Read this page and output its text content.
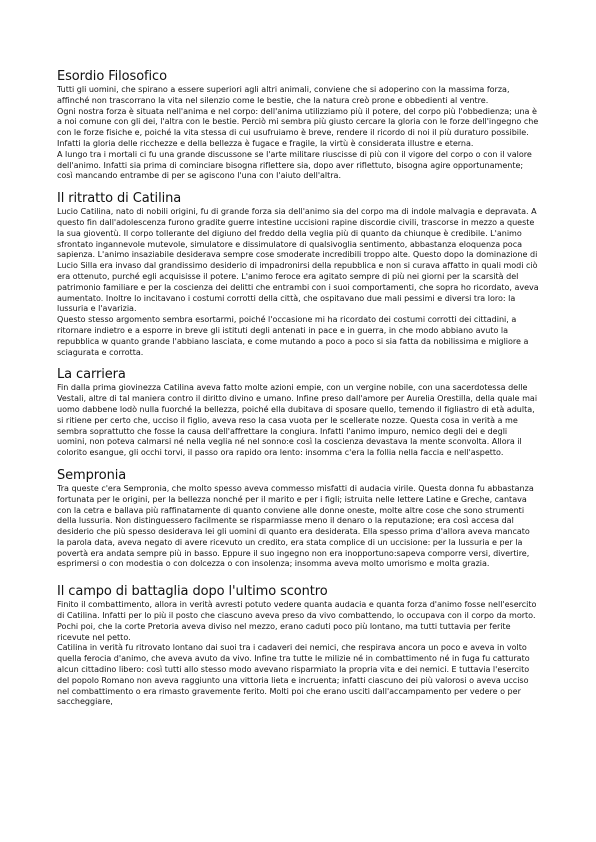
Esordio Filosofico

Tutti gli uomini, che spirano a essere superiori agli altri animali, conviene che si adoperino con la massima forza, affinché non trascorrano la vita nel silenzio come le bestie, che la natura creò prone e obbedienti al ventre.

Ogni nostra forza è situata nell'anima e nel corpo: dell'anima utilizziamo più il potere, del corpo più l'obbedienza; una è a noi comune con gli dei, l'altra con le bestie. Perciò mi sembra più giusto cercare la gloria con le forze dell'ingegno che con le forze fisiche e, poiché la vita stessa di cui usufruiamo è breve, rendere il ricordo di noi il più duraturo possibile. Infatti la gloria delle ricchezze e della bellezza è fugace e fragile, la virtù è considerata illustre e eterna.

A lungo tra i mortali ci fu una grande discussone se l'arte militare riuscisse di più con il vigore del corpo o con il valore dell'animo. Infatti sia prima di cominciare bisogna riflettere sia, dopo aver riflettuto, bisogna agire opportunamente; così mancando entrambe di per se agiscono l'una con l'aiuto dell'altra.

Il ritratto di Catilina

Lucio Catilina, nato di nobili origini, fu di grande forza sia dell'animo sia del corpo ma di indole malvagia e depravata. A questo fin dall'adolescenza furono gradite guerre intestine uccisioni rapine discordie civili, trascorse in mezzo a queste la sua gioventù. Il corpo tollerante del digiuno del freddo della veglia più di quanto da chiunque è credibile. L'animo sfrontato ingannevole mutevole, simulatore e dissimulatore di qualsivoglia sentimento, abbastanza eloquenza poca sapienza. L'animo insaziabile desiderava sempre cose smoderate incredibili troppo alte. Questo dopo la dominazione di Lucio Silla era invaso dal grandissimo desiderio di impadronirsi della repubblica e non si curava affatto in quali modi ciò era ottenuto, purché egli acquisisse il potere. L'animo feroce era agitato sempre di più nei giorni per la scarsità del patrimonio familiare e per la coscienza dei delitti che entrambi con i suoi comportamenti, che sopra ho ricordato, aveva aumentato. Inoltre lo incitavano i costumi corrotti della città, che ospitavano due mali pessimi e diversi tra loro: la lussuria e l'avarizia.

Questo stesso argomento sembra esortarmi, poiché l'occasione mi ha ricordato dei costumi corrotti dei cittadini, a ritornare indietro e a esporre in breve gli istituti degli antenati in pace e in guerra, in che modo abbiano avuto la repubblica w quanto grande l'abbiano lasciata, e come mutando a poco a poco si sia fatta da nobilissima e migliore a sciagurata e corrotta.

La carriera

Fin dalla prima giovinezza Catilina aveva fatto molte azioni empie, con un vergine nobile, con una sacerdotessa delle Vestali, altre di tal maniera contro il diritto divino e umano. Infine preso dall'amore per Aurelia Orestilla, della quale mai uomo dabbene lodò nulla fuorché la bellezza, poiché ella dubitava di sposare quello, temendo il figliastro di età adulta, si ritiene per certo che, ucciso il figlio, aveva reso la casa vuota per le scellerate nozze. Questa cosa in verità a me sembra soprattutto che fosse la causa dell'affrettare la congiura. Infatti l'animo impuro, nemico degli dei e degli uomini, non poteva calmarsi né nella veglia né nel sonno:e così la coscienza devastava la mente sconvolta. Allora il colorito esangue, gli occhi torvi, il passo ora rapido ora lento: insomma c'era la follia nella faccia e nell'aspetto.

Sempronia

Tra queste c'era Sempronia, che molto spesso aveva commesso misfatti di audacia virile. Questa donna fu abbastanza fortunata per le origini, per la bellezza nonché per il marito e per i figli; istruita nelle lettere Latine e Greche, cantava con la cetra e ballava più raffinatamente di quanto conviene alle donne oneste, molte altre cose che sono strumenti della lussuria. Non distinguessero facilmente se risparmiasse meno il denaro o la reputazione; era così accesa dal desiderio che più spesso desiderava lei gli uomini di quanto era desiderata. Ella spesso prima d'allora aveva mancato la parola data, aveva negato di avere ricevuto un credito, era stata complice di un uccisione: per la lussuria e per la povertà era andata sempre più in basso. Eppure il suo ingegno non era inopportuno:sapeva comporre versi, divertire, esprimersi o con modestia o con dolcezza o con insolenza; insomma aveva molto umorismo e molta grazia.

Il campo di battaglia dopo l'ultimo scontro

Finito il combattimento, allora in verità avresti potuto vedere quanta audacia e quanta forza d'animo fosse nell'esercito di Catilina. Infatti per lo più il posto che ciascuno aveva preso da vivo combattendo, lo occupava con il corpo da morto. Pochi poi, che la corte Pretoria aveva diviso nel mezzo, erano caduti poco più lontano, ma tutti tuttavia per ferite ricevute nel petto.

Catilina in verità fu ritrovato lontano dai suoi tra i cadaveri dei nemici, che respirava ancora un poco e aveva in volto quella ferocia d'animo, che aveva avuto da vivo. Infine tra tutte le milizie né in combattimento né in fuga fu catturato alcun cittadino libero: così tutti allo stesso modo avevano risparmiato la propria vita e dei nemici. E tuttavia l'esercito del popolo Romano non aveva raggiunto una vittoria lieta e incruenta; infatti ciascuno dei più valorosi o aveva ucciso nel combattimento o era rimasto gravemente ferito. Molti poi che erano usciti dall'accampamento per vedere o per saccheggiare,
